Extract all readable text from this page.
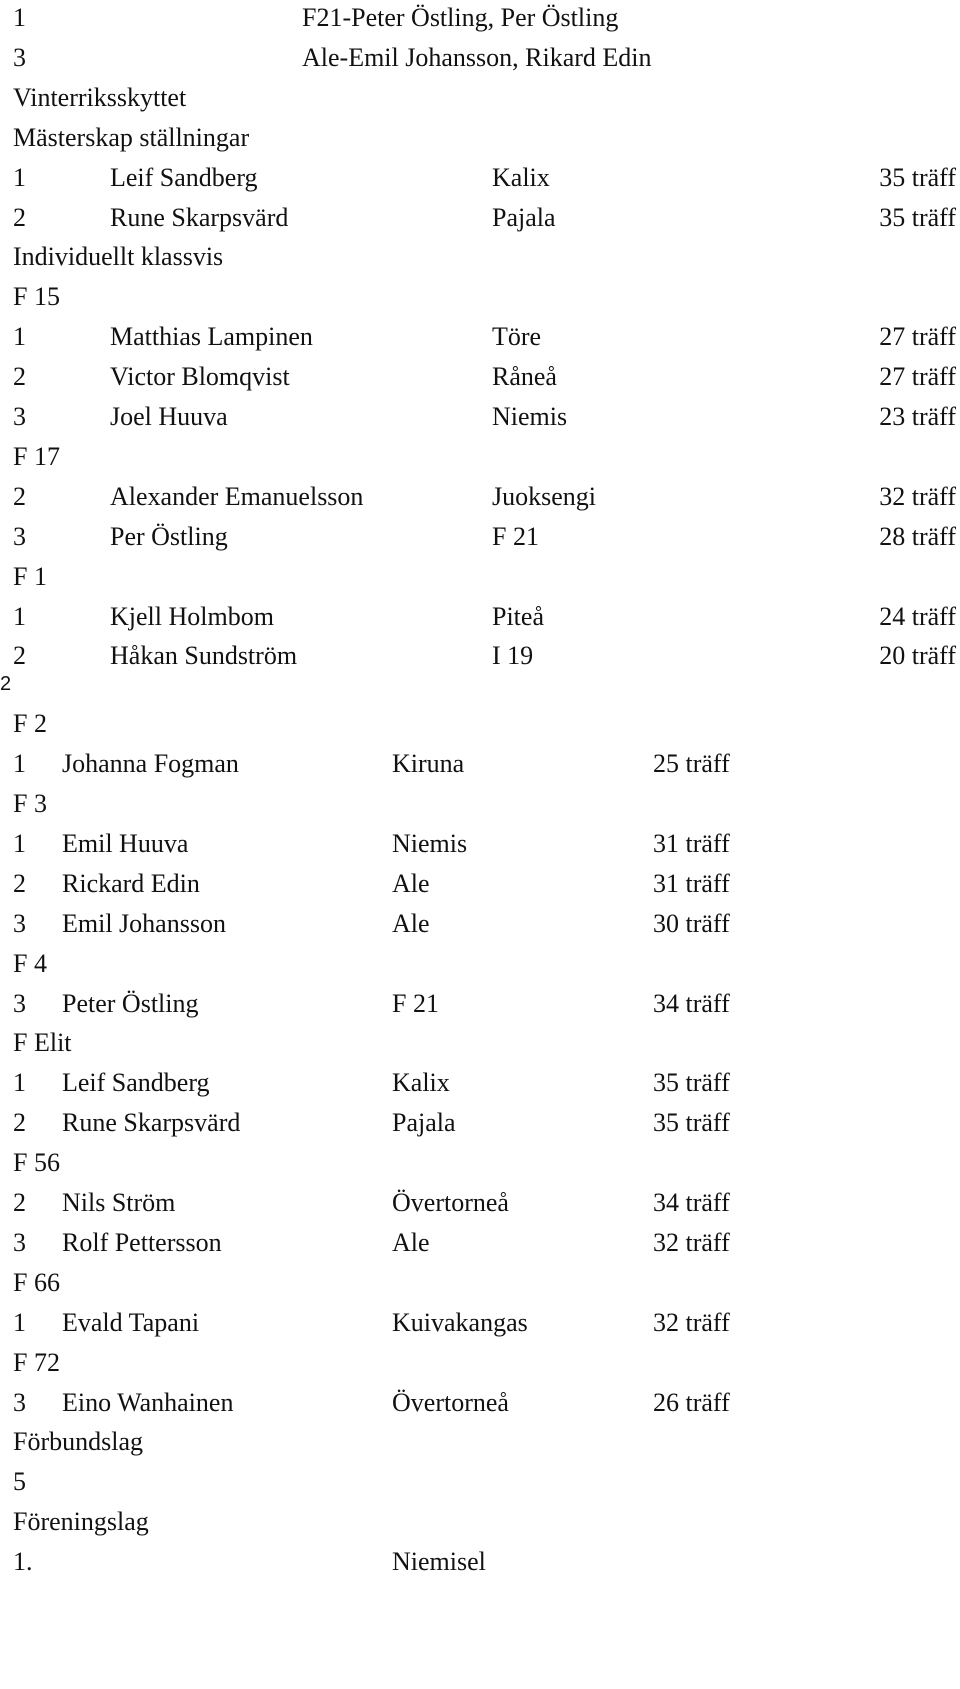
1	F21-Peter Östling, Per Östling
3	Ale-Emil Johansson, Rikard Edin
Vinterriksskyttet
Mästerskap ställningar
1	Leif Sandberg	Kalix	35 träff
2	Rune Skarpsvärd	Pajala	35 träff
Individuellt klassvis
F 15
1	Matthias Lampinen	Töre	27 träff
2	Victor Blomqvist	Råneå	27 träff
3	Joel Huuva	Niemis	23 träff
F 17
2	Alexander Emanuelsson	Juoksengi	32 träff
3	Per Östling	F 21	28 träff
F 1
1	Kjell Holmbom	Piteå	24 träff
2	Håkan Sundström	I 19	20 träff
2
F 2
1 Johanna Fogman	Kiruna	25 träff
F 3
1 Emil Huuva	Niemis	31 träff
2 Rickard Edin	Ale	31 träff
3 Emil Johansson	Ale	30 träff
F 4
3 Peter Östling	F 21	34 träff
F Elit
1 Leif Sandberg	Kalix	35 träff
2 Rune Skarpsvärd	Pajala	35 träff
F 56
2 Nils Ström	Övertorneå	34 träff
3 Rolf Pettersson	Ale	32 träff
F 66
1 Evald Tapani	Kuivakangas	32 träff
F 72
3 Eino Wanhainen	Övertorneå	26 träff
Förbundslag
5
Föreningslag
1.	Niemisel
